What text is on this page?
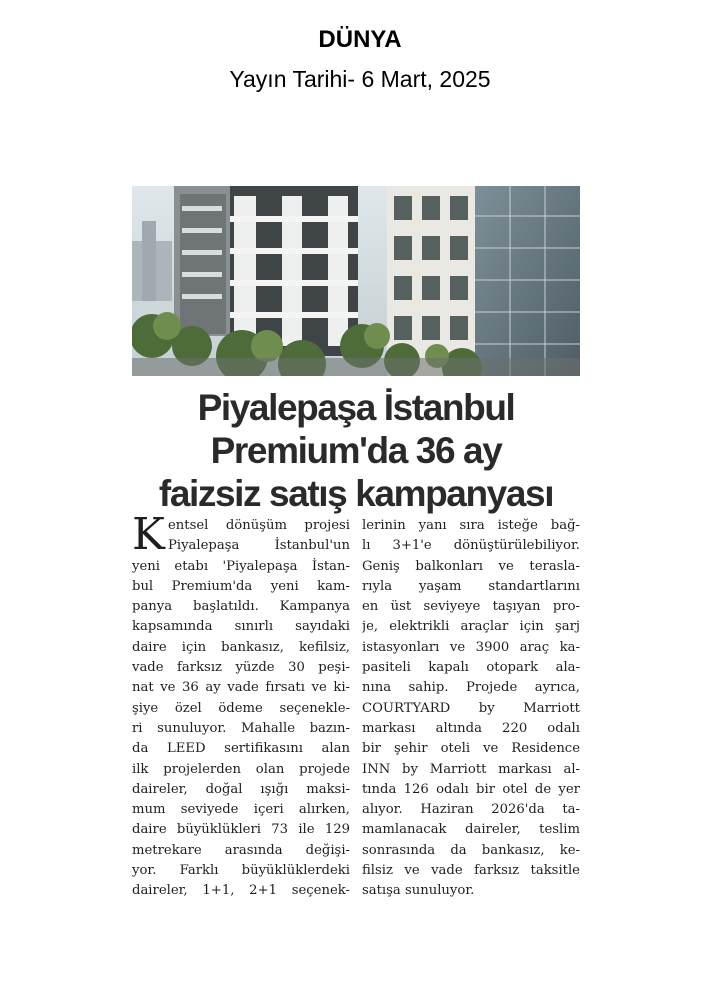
DÜNYA
Yayın Tarihi- 6 Mart, 2025
Piyalepaşa İstanbul
Premium'da 36 ay
faizsiz satış kampanyası
K entsel dönüşüm projesi
Piyalepaşa İstanbul'un
yeni etabı 'Piyalepaşa İstan-
bul Premium'da yeni kam-
panya başlatıldı. Kampanya
kapsamında sınırlı sayıdaki
daire için bankasız, kefilsiz,
vade farksız yüzde 30 peşi-
nat ve 36 ay vade fırsatı ve ki-
şiye özel ödeme seçenekle-
ri sunuluyor. Mahalle bazın-
da LEED sertifikasını alan
ilk projelerden olan projede
daireler, doğal ışığı maksi-
mum seviyede içeri alırken,
daire büyüklükleri 73 ile 129
metrekare arasında değişi-
yor. Farklı büyüklüklerdeki
daireler, 1+1, 2+1 seçenek-
lerinin yanı sıra isteğe bağ-
lı 3+1'e dönüştürülebiliyor.
Geniş balkonları ve terasla-
rıyla yaşam standartlarını
en üst seviyeye taşıyan pro-
je, elektrikli araçlar için şarj
istasyonları ve 3900 araç ka-
pasiteli kapalı otopark ala-
nına sahip. Projede ayrıca,
COURTYARD by Marriott
markası altında 220 odalı
bir şehir oteli ve Residence
INN by Marriott markası al-
tında 126 odalı bir otel de yer
alıyor. Haziran 2026'da ta-
mamlanacak daireler, teslim
sonrasında da bankasız, ke-
filsiz ve vade farksız taksitle
satışa sunuluyor.
